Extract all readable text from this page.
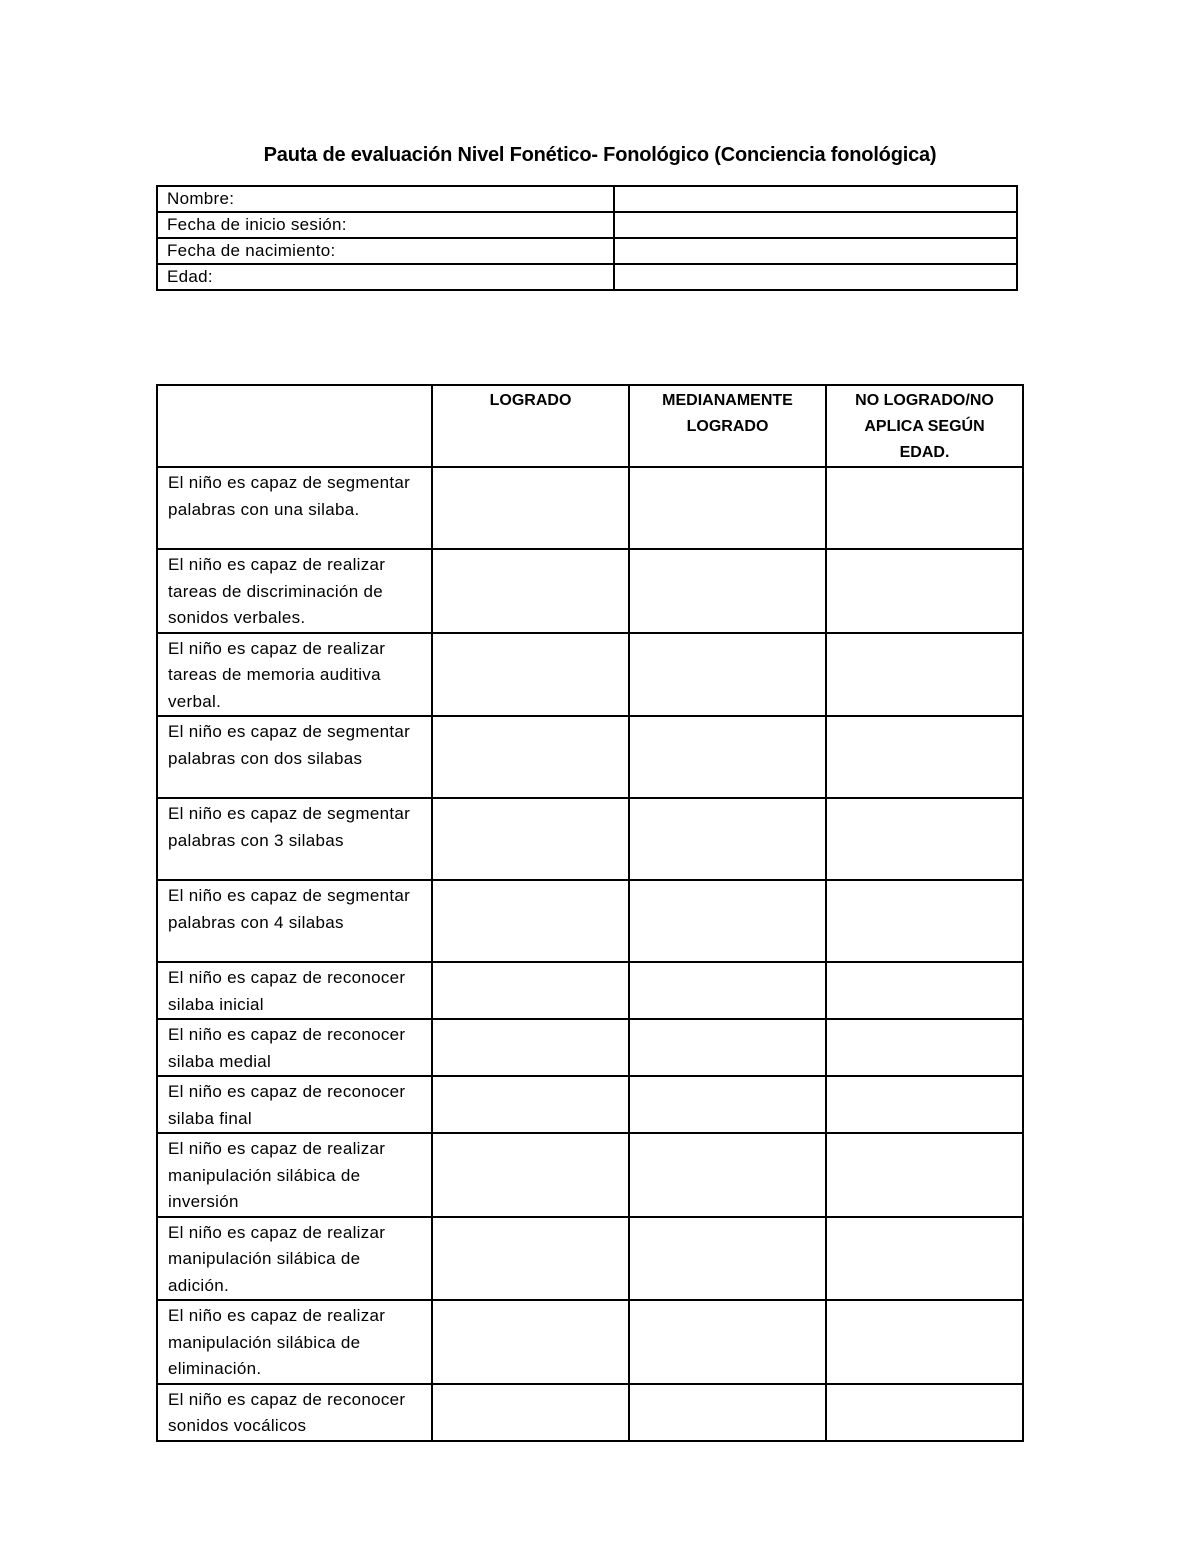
Pauta de evaluación Nivel Fonético- Fonológico (Conciencia fonológica)
Nombre:	
Fecha de inicio sesión:	
Fecha de nacimiento:	
Edad:	
	LOGRADO	MEDIANAMENTE LOGRADO	NO LOGRADO/NO APLICA SEGÚN EDAD.
El niño es capaz de segmentar palabras con una silaba.			
El niño es capaz de realizar tareas de discriminación de sonidos verbales.			
El niño es capaz de realizar tareas de memoria auditiva verbal.			
El niño es capaz de segmentar palabras con dos silabas			
El niño es capaz de segmentar palabras con 3 silabas			
El niño es capaz de segmentar palabras con 4 silabas			
El niño es capaz de reconocer silaba inicial			
El niño es capaz de reconocer silaba medial			
El niño es capaz de reconocer silaba final			
El niño es capaz de realizar manipulación silábica de inversión			
El niño es capaz de realizar manipulación silábica de adición.			
El niño es capaz de realizar manipulación silábica de eliminación.			
El niño es capaz de reconocer sonidos vocálicos			
